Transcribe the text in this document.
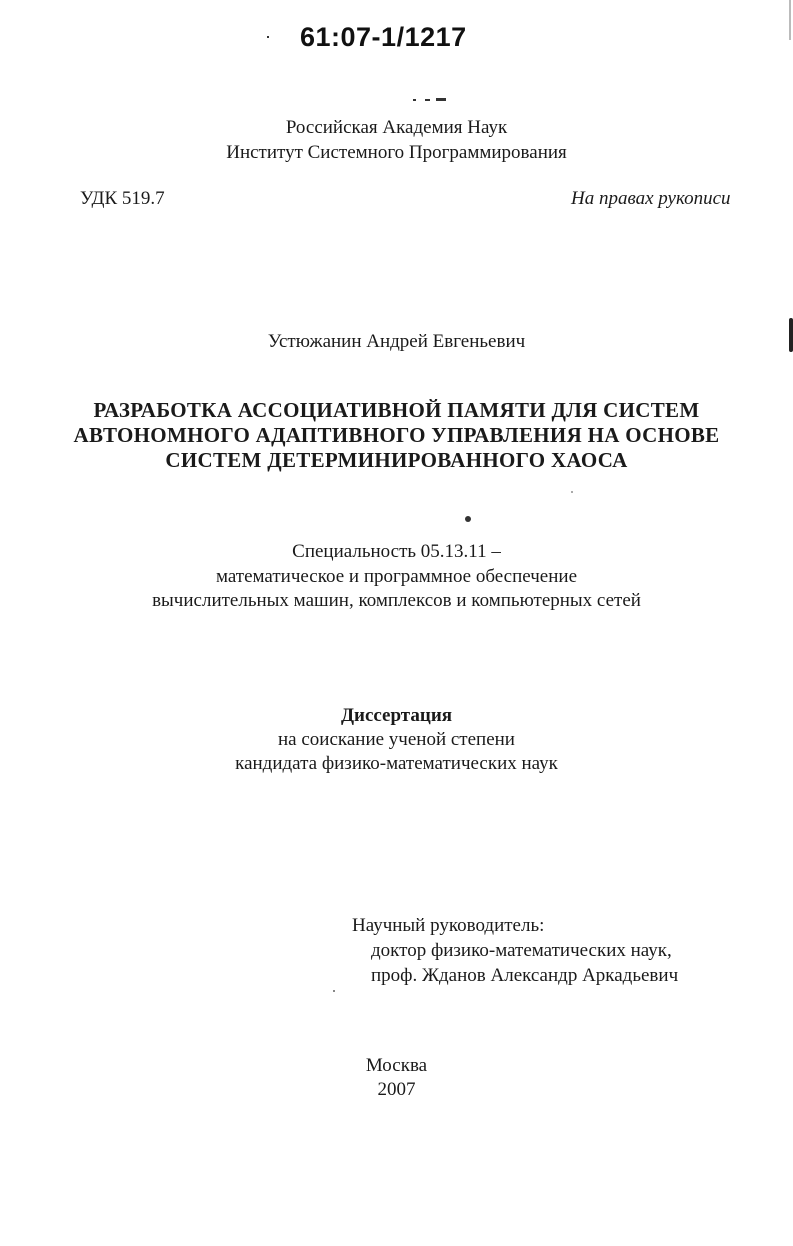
61:07-1/1217
Российская Академия Наук
Институт Системного Программирования
УДК 519.7	На правах рукописи
Устюжанин Андрей Евгеньевич
РАЗРАБОТКА АССОЦИАТИВНОЙ ПАМЯТИ ДЛЯ СИСТЕМ
АВТОНОМНОГО АДАПТИВНОГО УПРАВЛЕНИЯ НА ОСНОВЕ
СИСТЕМ ДЕТЕРМИНИРОВАННОГО ХАОСА
Специальность 05.13.11 –
математическое и программное обеспечение
вычислительных машин, комплексов и компьютерных сетей
Диссертация
на соискание ученой степени
кандидата физико-математических наук
Научный руководитель:
доктор физико-математических наук,
проф. Жданов Александр Аркадьевич
Москва
2007
